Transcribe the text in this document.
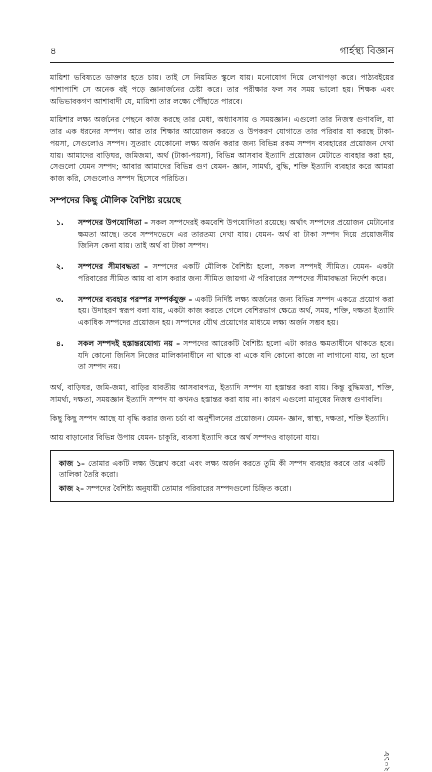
৪	গার্হস্থ্য বিজ্ঞান

মায়িশা ভবিষ্যতে ডাক্তার হতে চায়। তাই সে নিয়মিত স্কুলে যায়। মনোযোগ দিয়ে লেখাপড়া করে। পাঠ্যবইয়ের পাশাপাশি সে অনেক বই পড়ে জ্ঞানার্জনের চেষ্টা করে। তার পরীক্ষার ফল সব সময় ভালো হয়। শিক্ষক এবং অভিভাবকগণ আশাবাদী যে, মায়িশা তার লক্ষ্যে পৌঁছাতে পারবে।

মায়িশার লক্ষ্য অর্জনের পেছনে কাজ করছে তার মেধা, অধ্যাবসায় ও সময়জ্ঞান। এগুলো তার নিজস্ব গুণাবলি, যা তার এক ধরনের সম্পদ। আর তার শিক্ষার আয়োজন করতে ও উপকরণ যোগাতে তার পরিবার যা করছে টাকা-পয়সা, সেগুলোও সম্পদ। সুতরাং যেকোনো লক্ষ্য অর্জন করার জন্য বিভিন্ন রকম সম্পদ ব্যবহারের প্রয়োজন দেখা যায়। আমাদের বাড়িঘর, জমিজমা, অর্থ (টাকা-পয়সা), বিভিন্ন আসবাব ইত্যাদি প্রয়োজন মেটাতে ব্যবহার করা হয়, সেগুলো যেমন সম্পদ; আবার আমাদের বিভিন্ন গুণ যেমন- জ্ঞান, সামর্থ্য, বুদ্ধি, শক্তি ইত্যাদি ব্যবহার করে আমরা কাজ করি, সেগুলোও সম্পদ হিসেবে পরিচিত।

সম্পদের কিছু মৌলিক বৈশিষ্ট্য রয়েছে
১. সম্পদের উপযোগিতা – সকল সম্পদেরই কমবেশি উপযোগিতা রয়েছে। অর্থাৎ সম্পদের প্রয়োজন মেটানোর ক্ষমতা আছে। তবে সম্পদভেদে এর তারতম্য দেখা যায়। যেমন- অর্থ বা টাকা সম্পদ দিয়ে প্রয়োজনীয় জিনিস কেনা যায়। তাই অর্থ বা টাকা সম্পদ।
২. সম্পদের সীমাবদ্ধতা – সম্পদের একটি মৌলিক বৈশিষ্ট্য হলো, সকল সম্পদই সীমিত। যেমন- একটা পরিবারের সীমিত আয় বা বাস করার জন্য সীমিত জায়গা ঐ পরিবারের সম্পদের সীমাবদ্ধতা নির্দেশ করে।
৩. সম্পদের ব্যবহার পরস্পর সম্পর্কযুক্ত – একটি নির্দিষ্ট লক্ষ্য অর্জনের জন্য বিভিন্ন সম্পদ একত্রে প্রয়োগ করা হয়। উদাহরণ স্বরূপ বলা যায়, একটা কাজ করতে গেলে বেশিরভাগ ক্ষেত্রে অর্থ, সময়, শক্তি, দক্ষতা ইত্যাদি একাধিক সম্পদের প্রয়োজন হয়। সম্পদের যৌথ প্রয়োগের মাধ্যমে লক্ষ্য অর্জন সম্ভব হয়।
৪. সকল সম্পদই হস্তান্তরযোগ্য নয় – সম্পদের আরেকটি বৈশিষ্ট্য হলো এটা কারও ক্ষমতাধীনে থাকতে হবে। যদি কোনো জিনিস নিজের মালিকানাধীনে না থাকে বা একে যদি কোনো কাজে না লাগানো যায়, তা হলে তা সম্পদ নয়।

অর্থ, বাড়িঘর, জমি-জমা, বাড়ির যাবতীয় আসবাবপত্র, ইত্যাদি সম্পদ যা হস্তান্তর করা যায়। কিন্তু বুদ্ধিমত্তা, শক্তি, সামর্থ্য, দক্ষতা, সময়জ্ঞান ইত্যাদি সম্পদ যা কখনও হস্তান্তর করা যায় না। কারণ এগুলো মানুষের নিজস্ব গুণাবলি।

কিছু কিছু সম্পদ আছে যা বৃদ্ধি করার জন্য চর্চা বা অনুশীলনের প্রয়োজন। যেমন- জ্ঞান, স্বাস্থ্য, দক্ষতা, শক্তি ইত্যাদি।

আয় বাড়ানোর বিভিন্ন উপায় যেমন- চাকুরি, ব্যবসা ইত্যাদি করে অর্থ সম্পদও বাড়ানো যায়।

কাজ ১– তোমার একটি লক্ষ্য উল্লেখ করো এবং লক্ষ্য অর্জন করতে তুমি কী সম্পদ ব্যবহার করবে তার একটি তালিকা তৈরি করো।
কাজ ২– সম্পদের বৈশিষ্ট্য অনুযায়ী তোমার পরিবারের সম্পদগুলো চিহ্নিত করো।
২০১৮
